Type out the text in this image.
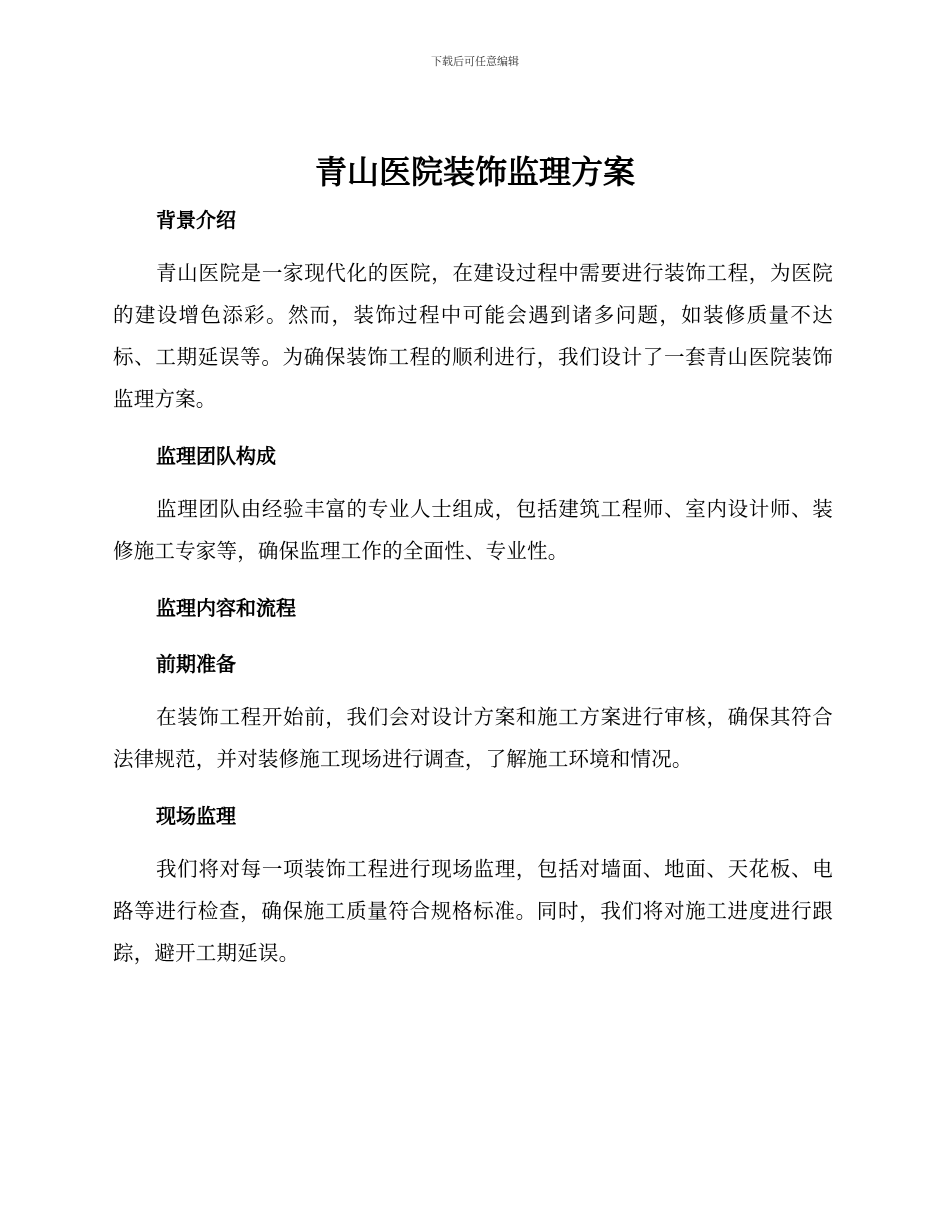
下载后可任意编辑
青山医院装饰监理方案
背景介绍

青山医院是一家现代化的医院，在建设过程中需要进行装饰工程，为医院的建设增色添彩。然而，装饰过程中可能会遇到诸多问题，如装修质量不达标、工期延误等。为确保装饰工程的顺利进行，我们设计了一套青山医院装饰监理方案。

监理团队构成

监理团队由经验丰富的专业人士组成，包括建筑工程师、室内设计师、装修施工专家等，确保监理工作的全面性、专业性。

监理内容和流程
前期准备

在装饰工程开始前，我们会对设计方案和施工方案进行审核，确保其符合法律规范，并对装修施工现场进行调查，了解施工环境和情况。

现场监理

我们将对每一项装饰工程进行现场监理，包括对墙面、地面、天花板、电路等进行检查，确保施工质量符合规格标准。同时，我们将对施工进度进行跟踪，避开工期延误。
